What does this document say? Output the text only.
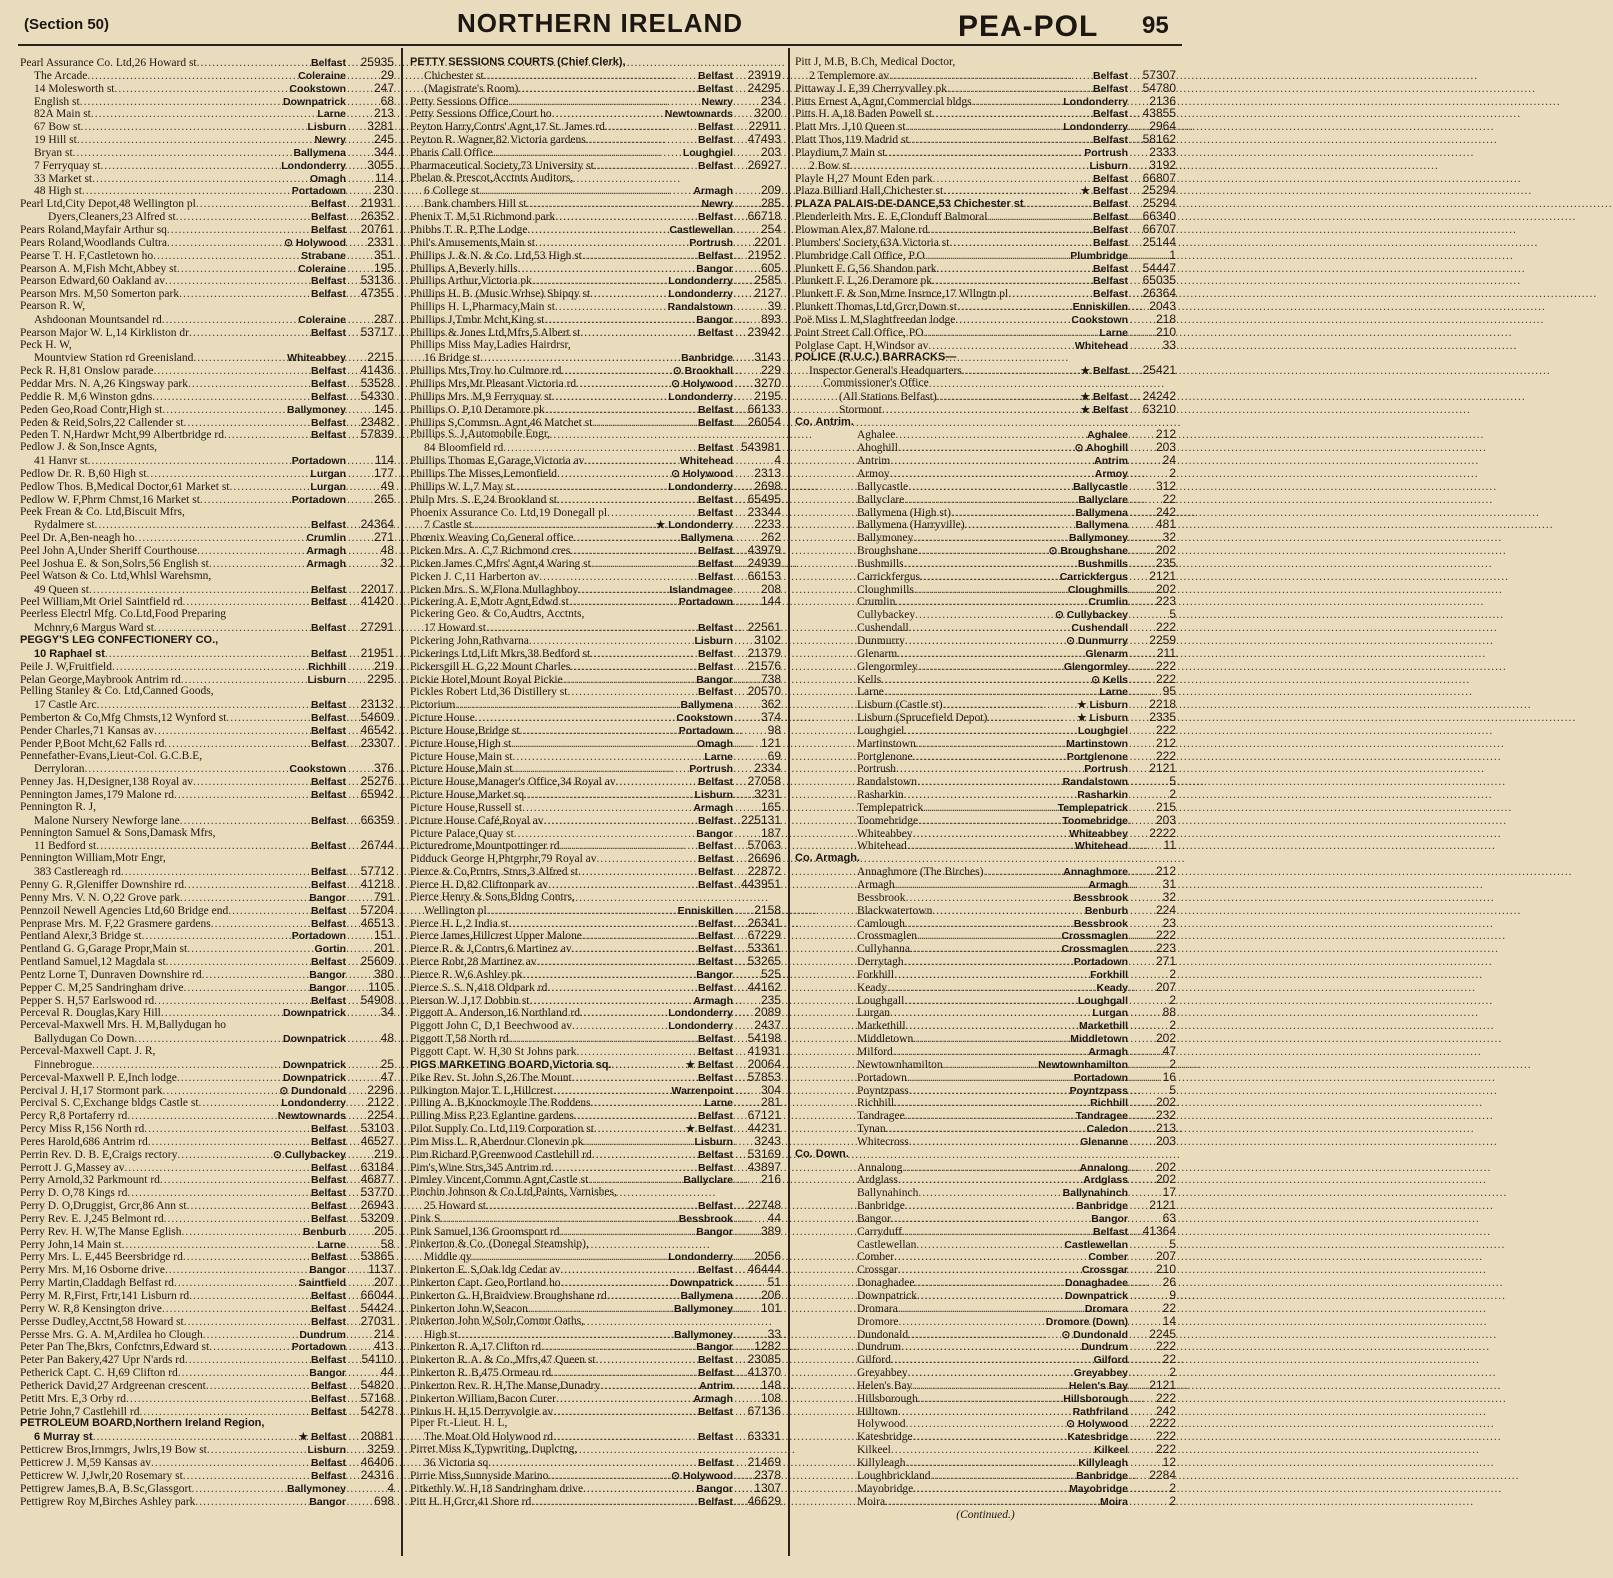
(Section 50)	NORTHERN IRELAND	PEA-POL 95
Pearl Assurance Co. Ltd,26 Howard st .....	Belfast	25935
The Arcade .....	Coleraine	29
14 Molesworth st .....	Cookstown	247
English st .....	Downpatrick	68
82A Main st .....	Larne	213
67 Bow st .....	Lisburn	3281
19 Hill st .....	Newry	245
Bryan st .....	Ballymena	344
7 Ferryquay st .....	Londonderry	3055
33 Market st .....	Omagh	114
48 High st .....	Portadown	230
Pearl Ltd,City Depot,48 Wellington pl .....	Belfast	21931
Dyers,Cleaners,23 Alfred st .....	Belfast	26352
Pears Roland,Mayfair Arthur sq .....	Belfast	20761
Pears Roland,Woodlands Cultra .....	⊙ Holywood	2331
Pearse T. H. F,Castletown ho .....	Strabane	351
Pearson A. M,Fish Mcht,Abbey st .....	Coleraine	195
Pearson Edward,60 Oakland av .....	Belfast	53136
Pearson Mrs. M,50 Somerton park .....	Belfast	47355
Pearson R. W,
Ashdoonan Mountsandel rd .....	Coleraine	287
Pearson Major W. L,14 Kirkliston dr .....	Belfast	53717
Peck H. W,
Mountview Station rd Greenisland .....	Whiteabbey	2215
Peck R. H,81 Onslow parade .....	Belfast	41436
Peddar Mrs. N. A,26 Kingsway park .....	Belfast	53528
Peddie R. M,6 Winston gdns .....	Belfast	54330
Peden Geo,Road Contr,High st .....	Ballymoney	145
Peden & Reid,Solrs,22 Callender st .....	Belfast	23482
Peden T. N,Hardwr Mcht,99 Albertbridge rd .....	Belfast	57839
Pedlow J. & Son,Insce Agnts,
41 Hanvr st .....	Portadown	114
Pedlow Dr. R. B,60 High st .....	Lurgan	177
Pedlow Thos. B,Medical Doctor,61 Market st .....	Lurgan	49
Pedlow W. F,Phrm Chmst,16 Market st .....	Portadown	265
Peek Frean & Co. Ltd,Biscuit Mfrs,
Rydalmere st .....	Belfast	24364
Peel Dr. A,Ben-neagh ho .....	Crumlin	271
Peel John A,Under Sheriff Courthouse .....	Armagh	48
Peel Joshua E. & Son,Solrs,56 English st .....	Armagh	32
Peel Watson & Co. Ltd,Whlsl Warehsmn,
49 Queen st .....	Belfast	22017
Peel William,Mt Oriel Saintfield rd .....	Belfast	41420
Peerless Electrl Mfg. Co.Ltd,Food Preparing
Mchnry,6 Margus Ward st .....	Belfast	27291
PEGGY'S LEG CONFECTIONERY CO.,
10 Raphael st .....	Belfast	21951
Peile J. W,Fruitfield .....	Richhill	219
Pelan George,Maybrook Antrim rd .....	Lisburn	2295
Pelling Stanley & Co. Ltd,Canned Goods,
17 Castle Arc .....	Belfast	23132
Pemberton & Co,Mfg Chmsts,12 Wynford st .....	Belfast	54609
Pender Charles,71 Kansas av .....	Belfast	46542
Pender P,Boot Mcht,62 Falls rd .....	Belfast	23307
Pennefather-Evans,Lieut-Col. G.C.B.E,
Derryloran .....	Cookstown	376
Penney Jas. H,Designer,138 Royal av .....	Belfast	25276
Pennington James,179 Malone rd .....	Belfast	65942
Pennington R. J,
Malone Nursery Newforge lane .....	Belfast	66359
Pennington Samuel & Sons,Damask Mfrs,
11 Bedford st .....	Belfast	26744
Pennington William,Motr Engr,
383 Castlereagh rd .....	Belfast	57712
Penny G. R,Gleniffer Downshire rd .....	Belfast	41218
Penny Mrs. V. N. O,22 Grove park .....	Bangor	791
Pennzoil Newell Agencies Ltd,60 Bridge end .....	Belfast	57204
Penprase Mrs. M. F,22 Grasmere gardens .....	Belfast	46513
Pentland Alexr,3 Bridge st .....	Portadown	151
Pentland G. G,Garage Propr,Main st .....	Gortin	201
Pentland Samuel,12 Magdala st .....	Belfast	25609
Pentz Lorne T, Dunraven Downshire rd .....	Bangor	380
Pepper C. M,25 Sandringham drive .....	Bangor	1105
Pepper S. H,57 Earlswood rd .....	Belfast	54908
Perceval R. Douglas,Kary Hill .....	Downpatrick	34
Perceval-Maxwell Mrs. H. M,Ballydugan ho
Ballydugan Co Down .....	Downpatrick	48
Perceval-Maxwell Capt. J. R,
Finnebrogue .....	Downpatrick	25
Perceval-Maxwell P. E,Inch lodge .....	Downpatrick	47
Percival J. H,17 Stormont park .....	⊙ Dundonald	2296
Percival S. C,Exchange bldgs Castle st .....	Londonderry	2122
Percy R,8 Portaferry rd .....	Newtownards	2254
Percy Miss R,156 North rd .....	Belfast	53103
Peres Harold,686 Antrim rd .....	Belfast	46527
Perrin Rev. D. B. E,Craigs rectory .....	⊙ Cullybackey	219
Perrott J. G,Massey av .....	Belfast	63184
Perry Arnold,32 Parkmount rd .....	Belfast	46877
Perry D. O,78 Kings rd .....	Belfast	53770
Perry D. O,Druggist, Grcr,86 Ann st .....	Belfast	26943
Perry Rev. E. J,245 Belmont rd .....	Belfast	53209
Perry Rev. H. W,The Manse Eglish .....	Benburb	205
Perry John,14 Main st .....	Larne	58
Perry Mrs. L. E,445 Beersbridge rd .....	Belfast	53865
Perry Mrs. M,16 Osborne drive .....	Bangor	1137
Perry Martin,Claddagh Belfast rd .....	Saintfield	207
Perry M. R,First, Frtr,141 Lisburn rd .....	Belfast	66044
Perry W. R,8 Kensington drive .....	Belfast	54424
Persse Dudley,Acctnt,58 Howard st .....	Belfast	27031
Persse Mrs. G. A. M,Ardilea ho Clough .....	Dundrum	214
Peter Pan The,Bkrs, Confctnrs,Edward st .....	Portadown	413
Peter Pan Bakery,427 Upr N'ards rd .....	Belfast	54110
Petherick Capt. C. H,69 Clifton rd .....	Bangor	44
Petherick David,27 Ardgreenan crescent .....	Belfast	54820
Petitt Mrs. E,3 Orby rd .....	Belfast	57168
Petrie John,7 Castlehill rd .....	Belfast	54278
PETROLEUM BOARD,Northern Ireland Region,
6 Murray st .....	★ Belfast	20881
Petticrew Bros,Irnmgrs, Jwlrs,19 Bow st .....	Lisburn	3259
Petticrew J. M,59 Kansas av .....	Belfast	46406
Petticrew W. J,Jwlr,20 Rosemary st .....	Belfast	24316
Pettigrew James,B.A, B.Sc,Glassgort .....	Ballymoney	4
Pettigrew Roy M,Birches Ashley park .....	Bangor	698
PETTY SESSIONS COURTS (Chief Clerk),
Chichester st .....	Belfast	23919
(Magistrate's Room) .....	Belfast	24295
Petty Sessions Office .....	Newry	234
Petty Sessions Office,Court ho .....	Newtownards	3200
Peyton Harry,Contrs' Agnt,17 St. James rd .....	Belfast	22911
Peyton R. Wagner,82 Victoria gardens .....	Belfast	47493
Pharis Call Office .....	Loughgiel	203
Pharmaceutical Society,73 University st .....	Belfast	26927
Phelan & Prescot,Acctnts Auditors,
6 College st .....	Armagh	209
Bank chambers Hill st .....	Newry	285
Phenix T. M,51 Richmond park .....	Belfast	66718
Phibbs T. R. P,The Lodge .....	Castlewellan	254
Phil's Amusements,Main st .....	Portrush	2201
Phillips J. & N. & Co. Ltd,53 High st .....	Belfast	21952
Phillips A,Beverly hills .....	Bangor	605
Phillips Arthur,Victoria pk .....	Londonderry	2585
Phillips H. B. (Music Wrhse) Shipqy st .....	Londonderry	2127
Phillips H. L,Pharmacy,Main st .....	Randalstown	39
Phillips J,Tmbr Mcht,King st .....	Bangor	893
Phillips & Jones Ltd,Mfrs,5 Albert st .....	Belfast	23942
Phillips Miss May,Ladies Hairdrsr,
16 Bridge st .....	Banbridge	3143
Phillips Mrs,Troy ho Culmore rd .....	⊙ Brookhall	229
Phillips Mrs,Mt Pleasant Victoria rd .....	⊙ Holywood	3270
Phillips Mrs. M,9 Ferryquay st .....	Londonderry	2195
Phillips O. P,10 Deramore pk .....	Belfast	66133
Phillips S,Commsn. Agnt,46 Matchet st .....	Belfast	26054
Phillips S. J,Automobile Engr,
84 Bloomfield rd .....	Belfast 543981
Phillips Thomas E,Garage,Victoria av .....	Whitehead	4
Phillips The Misses,Lemonfield .....	⊙ Holywood	2313
Phillips W. L,7 May st .....	Londonderry	2698
Philp Mrs. S. E,24 Brookland st .....	Belfast	65495
Phoenix Assurance Co. Ltd,19 Donegall pl .....	Belfast	23344
7 Castle st .....	★ Londonderry	2233
Phœnix Weaving Co,General office .....	Ballymena	262
Picken Mrs. A. C,7 Richmond cres .....	Belfast	43979
Picken James C,Mfrs' Agnt,4 Waring st .....	Belfast	24939
Picken J. C,11 Harberton av .....	Belfast	66153
Picken Mrs. S. W,Flona Mullaghboy .....	Islandmagee	208
Pickering A. E,Motr Agnt,Edwd st .....	Portadown	144
Pickering Geo. & Co,Audtrs, Acctnts,
17 Howard st .....	Belfast	22561
Pickering John,Rathvarna .....	Lisburn	3102
Pickerings Ltd,Lift Mkrs,38 Bedford st .....	Belfast	21379
Pickersgill H. G,22 Mount Charles .....	Belfast	21576
Pickie Hotel,Mount Royal Pickie .....	Bangor	738
Pickles Robert Ltd,36 Distillery st .....	Belfast	20570
Pictorium .....	Ballymena	362
Picture House .....	Cookstown	374
Picture House,Bridge st .....	Portadown	98
Picture House,High st .....	Omagh	121
Picture House,Main st .....	Larne	69
Picture House,Main st .....	Portrush	2334
Picture House,Manager's Office,34 Royal av .....	Belfast	27058
Picture House,Market sq .....	Lisburn	3231
Picture House,Russell st .....	Armagh	165
Picture House Café,Royal av .....	Belfast 225131
Picture Palace,Quay st .....	Bangor	187
Picturedrome,Mountpottinger rd .....	Belfast	57063
Pidduck George H,Phtgrphr,79 Royal av .....	Belfast	26696
Pierce & Co,Prntrs, Stnrs,3 Alfred st .....	Belfast	22872
Pierce H. D,82 Cliftonpark av .....	Belfast 443951
Pierce Henry & Sons,Bldng Contrs,
Wellington pl .....	Enniskillen	2158
Pierce H. L,2 India st .....	Belfast	26341
Pierce James,Hillcrest Upper Malone .....	Belfast	67229
Pierce R. & J,Contrs,6 Martinez av .....	Belfast	53361
Pierce Robt,28 Martinez av .....	Belfast	53265
Pierce R. W,6 Ashley pk .....	Bangor	525
Pierce S. S. N,418 Oldpark rd .....	Belfast	44162
Pierson W. J,17 Dobbin st .....	Armagh	235
Piggott A. Anderson,16 Northland rd .....	Londonderry	2089
Piggott John C, D,1 Beechwood av .....	Londonderry	2437
Piggott T,58 North rd .....	Belfast	54198
Piggott Capt. W. H,30 St Johns park .....	Belfast	41931
PIGS MARKETING BOARD,Victoria sq. .....	★ Belfast	20064
Pike Rev. St. John S,26 The Mount .....	Belfast	57853
Pilkington Major T. L,Hillcrest .....	Warrenpoint	304
Pilling A. B,Knockmoyle The Roddens .....	Larne	281
Pilling Miss P,23 Eglantine gardens .....	Belfast	67121
Pilot Supply Co. Ltd,119 Corporation st .....	★ Belfast	44231
Pim Miss L. R,Aberdour Clonevin pk .....	Lisburn	3243
Pim Richard P,Greenwood Castlehill rd .....	Belfast	53169
Pim's,Wine Strs,345 Antrim rd .....	Belfast	43897
Pimley Vincent,Commn Agnt,Castle st .....	Ballyclare	216
Pinchin Johnson & Co.Ltd,Paints, Varnishes,
25 Howard st .....	Belfast	22748
Pink S .....	Bessbrook	44
Pink Samuel,136 Groomsport rd .....	Bangor	389
Pinkerton & Co. (Donegal Steamship),
Middle qy .....	Londonderry	2056
Pinkerton E. S,Oak ldg Cedar av .....	Belfast	46444
Pinkerton Capt. Geo,Portland ho .....	Downpatrick	51
Pinkerton G. H,Braidview Broughshane rd .....	Ballymena	206
Pinkerton John W,Seacon .....	Ballymoney	101
Pinkerton John W,Solr,Commr Oaths,
High st .....	Ballymoney	33
Pinkerton R. A,17 Clifton rd .....	Bangor	1282
Pinkerton R. A. & Co.,Mfrs,47 Queen st .....	Belfast	23085
Pinkerton R. B,475 Ormeau rd .....	Belfast	41370
Pinkerton Rev. R. H,The Manse,Dunadry .....	Antrim	148
Pinkerton William,Bacon Curer .....	Armagh	108
Pinkus H. H,15 Derryvolgie av .....	Belfast	67136
Piper Ft.-Lieut. H. L,
The Moat Old Holywood rd .....	Belfast	63331
Pirret Miss K,Typwriting, Duplctng,
36 Victoria sq .....	Belfast	21469
Pirrie Miss,Sunnyside Marino .....	⊙ Holywood	2378
Pitkethly W. H,18 Sandringham drive .....	Bangor	1307
Pitt H. H,Grcr,41 Shore rd .....	Belfast	46629
Pitt J, M.B, B.Ch, Medical Doctor,
2 Templemore av .....	Belfast	57307
Pittaway J. E,39 Cherryvalley pk .....	Belfast	54780
Pitts Ernest A,Agnt,Commercial bldgs .....	Londonderry	2136
Pitts H. A,18 Baden Powell st .....	Belfast	43855
Platt Mrs. J,10 Queen st .....	Londonderry	2964
Platt Thos,119 Madrid st .....	Belfast	58162
Playdium,7 Main st .....	Portrush	2333
2 Bow st .....	Lisburn	3192
Playle H,27 Mount Eden park .....	Belfast	66807
Plaza Billiard Hall,Chichester st .....	★ Belfast	25294
PLAZA PALAIS-DE-DANCE,53 Chichester st .....	Belfast	25294
Plenderleith Mrs. E. E,Clonduff Balmoral .....	Belfast	66340
Plowman Alex,87 Malone rd .....	Belfast	66707
Plumbers' Society,63A Victoria st .....	Belfast	25144
Plumbridge Call Office, P.O .....	Plumbridge	1
Plunkett F. G,56 Shandon park .....	Belfast	54447
Plunkett F. L,26 Deramore pk .....	Belfast	65035
Plunkett F. & Son,Mrne Insrnce,17 Wllngtn pl .....	Belfast	26364
Plunkett Thomas,Ltd,Grcr,Down st .....	Enniskillen	2043
Poë Miss I. M,Slaghtfreedan lodge .....	Cookstown	218
Point Street Call Office, PO .....	Larne	210
Polglase Capt. H,Windsor av .....	Whitehead	33
POLICE (R.U.C.) BARRACKS—
Inspector General's Headquarters .....	★ Belfast	25421
Commissioner's Office
(All Stations Belfast) .....	★ Belfast	24242
Stormont .....	★ Belfast	63210
Co. Antrim.
Aghalee .....	Aghalee	212
Ahoghill .....	⊙ Ahoghill	203
Antrim .....	Antrim	24
Armoy .....	Armoy	2
Ballycastle .....	Ballycastle	312
Ballyclare .....	Ballyclare	22
Ballymena (High st) .....	Ballymena	242
Ballymena (Harryville) .....	Ballymena	481
Ballymoney .....	Ballymoney	32
Broughshane .....	⊙ Broughshane	202
Bushmills .....	Bushmills	235
Carrickfergus .....	Carrickfergus	2121
Cloughmills .....	Cloughmills	202
Crumlin .....	Crumlin	223
Cullybackey .....	⊙ Cullybackey	5
Cushendall .....	Cushendall	222
Dunmurry .....	⊙ Dunmurry	2259
Glenarm .....	Glenarm	211
Glengormley .....	Glengormley	222
Kells .....	⊙ Kells	222
Larne .....	Larne	95
Lisburn (Castle st) .....	★ Lisburn	2218
Lisburn (Sprucefield Depot) .....	★ Lisburn	2335
Loughgiel .....	Loughgiel	222
Martinstown .....	Martinstown	212
Portglenone .....	Portglenone	222
Portrush .....	Portrush	2121
Randalstown .....	Randalstown	5
Rasharkin .....	Rasharkin	2
Templepatrick .....	Templepatrick	215
Toomebridge .....	Toomebridge	203
Whiteabbey .....	Whiteabbey	2222
Whitehead .....	Whitehead	11
Co. Armagh.
Annaghmore (The Birches) .....	Annaghmore	212
Armagh .....	Armagh	31
Bessbrook .....	Bessbrook	32
Blackwatertown .....	Benburb	224
Camlough .....	Bessbrook	23
Crossmaglen .....	Crossmaglen	222
Cullyhanna .....	Crossmaglen	223
Derrytagh .....	Portadown	271
Forkhill .....	Forkhill	2
Keady .....	Keady	207
Loughgall .....	Loughgall	2
Lurgan .....	Lurgan	88
Markethill .....	Markethill	2
Middletown .....	Middletown	202
Milford .....	Armagh	47
Newtownhamilton .....	Newtownhamilton	2
Portadown .....	Portadown	16
Poyntzpass .....	Poyntzpass	5
Richhill .....	Richhill	202
Tandragee .....	Tandragee	232
Tynan .....	Caledon	213
Whitecross .....	Glenanne	203
Co. Down.
Annalong .....	Annalong	202
Ardglass .....	Ardglass	202
Ballynahinch .....	Ballynahinch	17
Banbridge .....	Banbridge	2121
Bangor .....	Bangor	63
Carryduff .....	Belfast	41364
Castlewellan .....	Castlewellan	5
Comber .....	Comber	207
Crossgar .....	Crossgar	210
Donaghadee .....	Donaghadee	26
Downpatrick .....	Downpatrick	9
Dromara .....	Dromara	22
Dromore .....	Dromore (Down)	14
Dundonald .....	⊙ Dundonald	2245
Dundrum .....	Dundrum	222
Gilford .....	Gilford	22
Greyabbey .....	Greyabbey	2
Helen's Bay .....	Helen's Bay	2121
Hillsborough .....	Hillsborough	222
Hilltown .....	Rathfriland	242
Holywood .....	⊙ Holywood	2222
Katesbridge .....	Katesbridge	222
Kilkeel .....	Kilkeel	222
Killyleagh .....	Killyleagh	12
Loughbrickland .....	Banbridge	2284
Mayobridge .....	Mayobridge	2
Moira .....	Moira	2
(Continued.)
